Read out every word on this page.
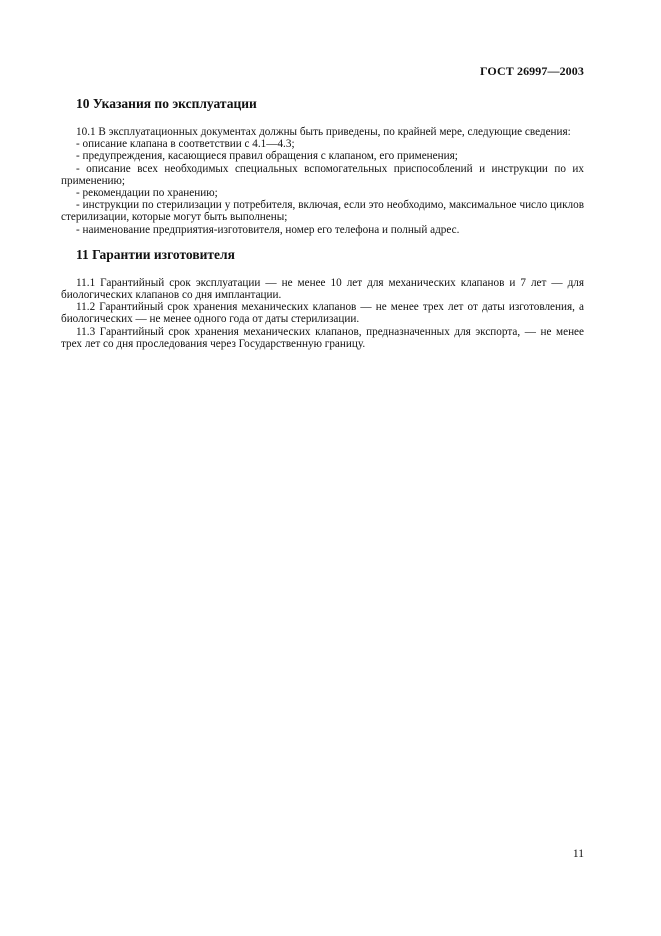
ГОСТ 26997—2003
10 Указания по эксплуатации

10.1 В эксплуатационных документах должны быть приведены, по крайней мере, следующие сведения:

- описание клапана в соответствии с 4.1—4.3;

- предупреждения, касающиеся правил обращения с клапаном, его применения;

- описание всех необходимых специальных вспомогательных приспособлений и инструкции по их применению;

- рекомендации по хранению;

- инструкции по стерилизации у потребителя, включая, если это необходимо, максимальное число циклов стерилизации, которые могут быть выполнены;

- наименование предприятия-изготовителя, номер его телефона и полный адрес.

11 Гарантии изготовителя

11.1 Гарантийный срок эксплуатации — не менее 10 лет для механических клапанов и 7 лет — для биологических клапанов со дня имплантации.

11.2 Гарантийный срок хранения механических клапанов — не менее трех лет от даты изготовления, а биологических — не менее одного года от даты стерилизации.

11.3 Гарантийный срок хранения механических клапанов, предназначенных для экспорта, — не менее трех лет со дня проследования через Государственную границу.

11
